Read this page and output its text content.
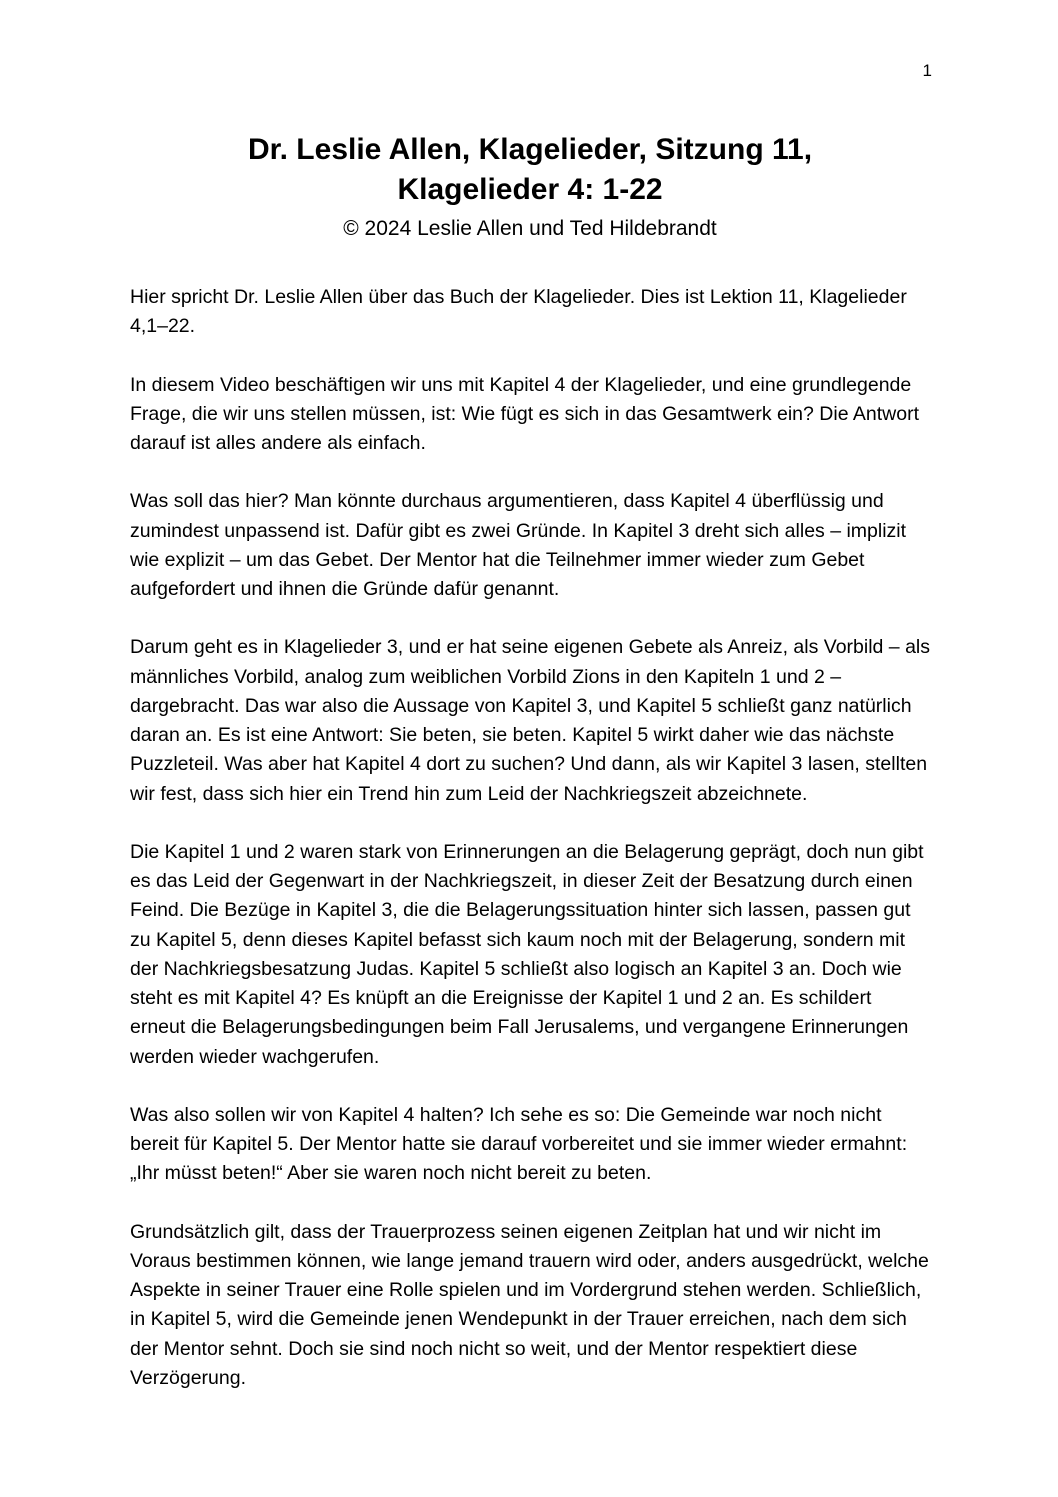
1
Dr. Leslie Allen, Klagelieder, Sitzung 11,
Klagelieder 4: 1-22
© 2024 Leslie Allen und Ted Hildebrandt

Hier spricht Dr. Leslie Allen über das Buch der Klagelieder. Dies ist Lektion 11, Klagelieder 4,1–22.

In diesem Video beschäftigen wir uns mit Kapitel 4 der Klagelieder, und eine grundlegende Frage, die wir uns stellen müssen, ist: Wie fügt es sich in das Gesamtwerk ein? Die Antwort darauf ist alles andere als einfach.

Was soll das hier? Man könnte durchaus argumentieren, dass Kapitel 4 überflüssig und zumindest unpassend ist. Dafür gibt es zwei Gründe. In Kapitel 3 dreht sich alles – implizit wie explizit – um das Gebet. Der Mentor hat die Teilnehmer immer wieder zum Gebet aufgefordert und ihnen die Gründe dafür genannt.

Darum geht es in Klagelieder 3, und er hat seine eigenen Gebete als Anreiz, als Vorbild – als männliches Vorbild, analog zum weiblichen Vorbild Zions in den Kapiteln 1 und 2 – dargebracht. Das war also die Aussage von Kapitel 3, und Kapitel 5 schließt ganz natürlich daran an. Es ist eine Antwort: Sie beten, sie beten. Kapitel 5 wirkt daher wie das nächste Puzzleteil. Was aber hat Kapitel 4 dort zu suchen? Und dann, als wir Kapitel 3 lasen, stellten wir fest, dass sich hier ein Trend hin zum Leid der Nachkriegszeit abzeichnete.

Die Kapitel 1 und 2 waren stark von Erinnerungen an die Belagerung geprägt, doch nun gibt es das Leid der Gegenwart in der Nachkriegszeit, in dieser Zeit der Besatzung durch einen Feind. Die Bezüge in Kapitel 3, die die Belagerungssituation hinter sich lassen, passen gut zu Kapitel 5, denn dieses Kapitel befasst sich kaum noch mit der Belagerung, sondern mit der Nachkriegsbesatzung Judas. Kapitel 5 schließt also logisch an Kapitel 3 an. Doch wie steht es mit Kapitel 4? Es knüpft an die Ereignisse der Kapitel 1 und 2 an. Es schildert erneut die Belagerungsbedingungen beim Fall Jerusalems, und vergangene Erinnerungen werden wieder wachgerufen.

Was also sollen wir von Kapitel 4 halten? Ich sehe es so: Die Gemeinde war noch nicht bereit für Kapitel 5. Der Mentor hatte sie darauf vorbereitet und sie immer wieder ermahnt: „Ihr müsst beten!“ Aber sie waren noch nicht bereit zu beten.

Grundsätzlich gilt, dass der Trauerprozess seinen eigenen Zeitplan hat und wir nicht im Voraus bestimmen können, wie lange jemand trauern wird oder, anders ausgedrückt, welche Aspekte in seiner Trauer eine Rolle spielen und im Vordergrund stehen werden. Schließlich, in Kapitel 5, wird die Gemeinde jenen Wendepunkt in der Trauer erreichen, nach dem sich der Mentor sehnt. Doch sie sind noch nicht so weit, und der Mentor respektiert diese Verzögerung.
